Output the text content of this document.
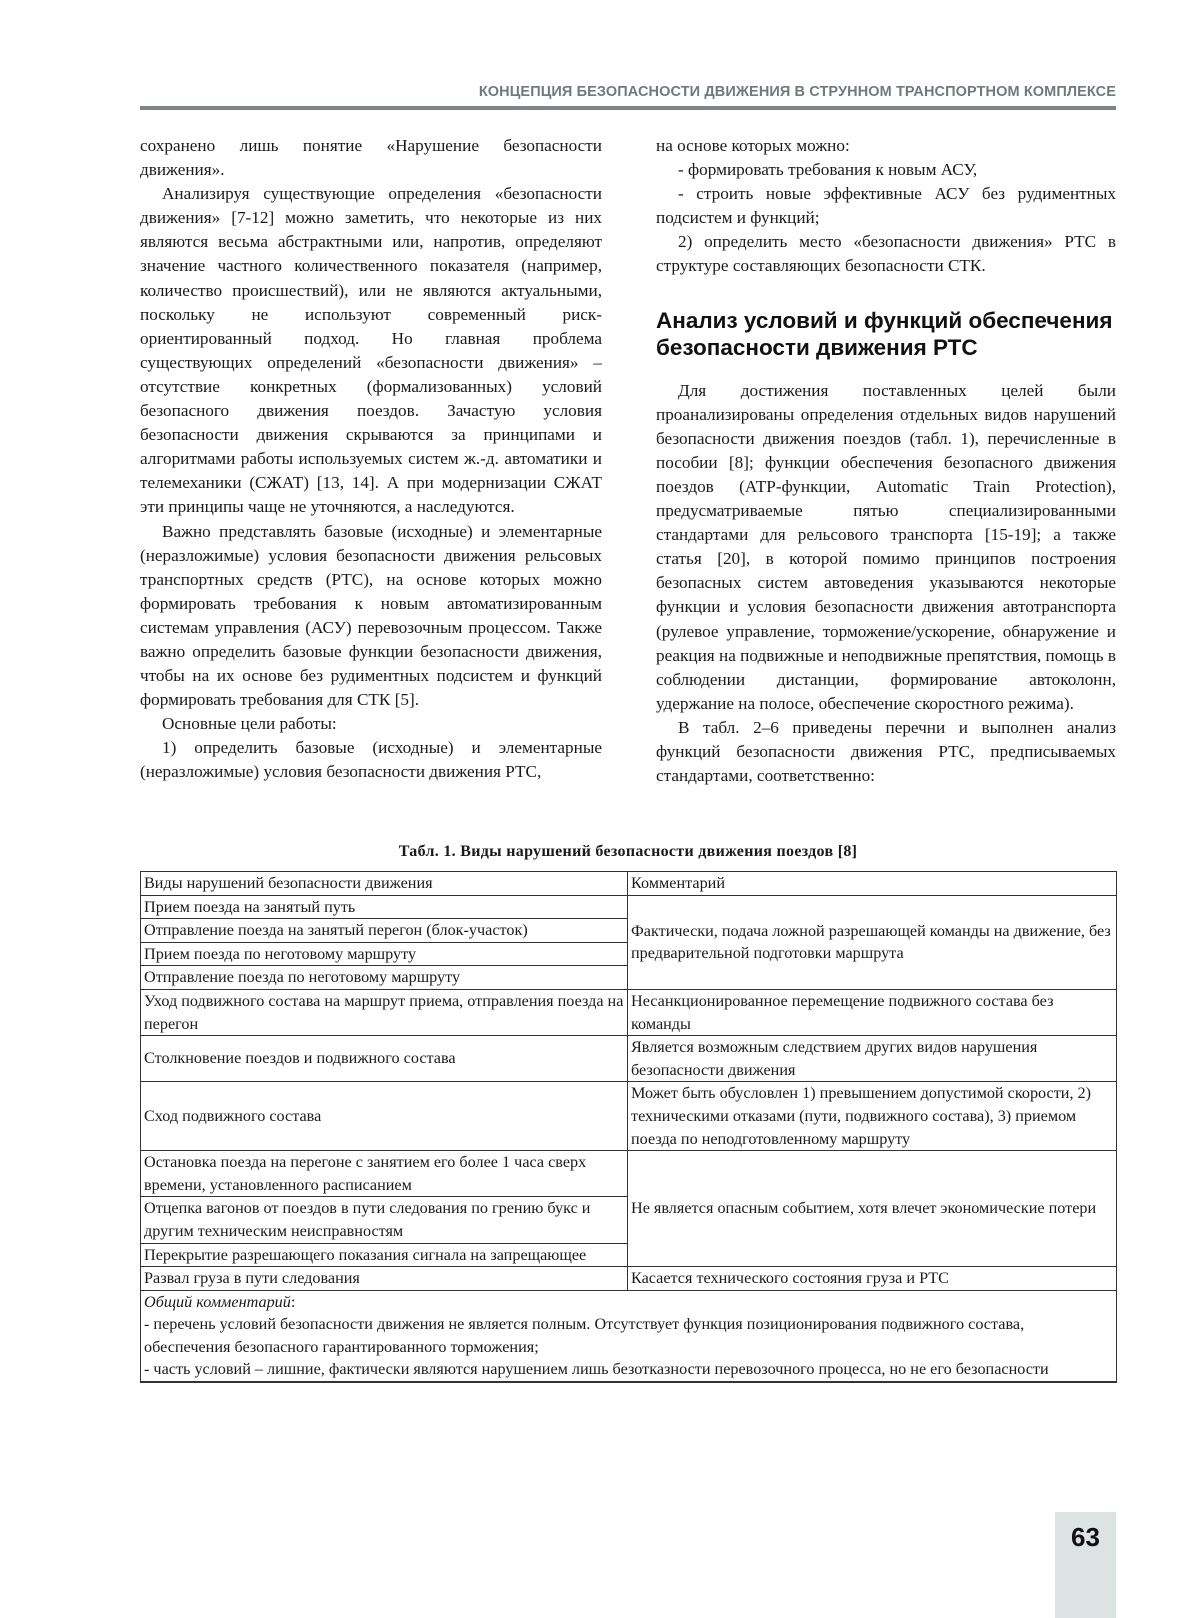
КОНЦЕПЦИЯ БЕЗОПАСНОСТИ ДВИЖЕНИЯ В СТРУННОМ ТРАНСПОРТНОМ КОМПЛЕКСЕ

сохранено лишь понятие «Нарушение безопасности движения».

Анализируя существующие определения «безопасности движения» [7-12] можно заметить, что некоторые из них являются весьма абстрактными или, напротив, определяют значение частного количественного показателя (например, количество происшествий), или не являются актуальными, поскольку не используют современный риск-ориентированный подход. Но главная проблема существующих определений «безопасности движения» – отсутствие конкретных (формализованных) условий безопасного движения поездов. Зачастую условия безопасности движения скрываются за принципами и алгоритмами работы используемых систем ж.-д. автоматики и телемеханики (СЖАТ) [13, 14]. А при модернизации СЖАТ эти принципы чаще не уточняются, а наследуются.

Важно представлять базовые (исходные) и элементарные (неразложимые) условия безопасности движения рельсовых транспортных средств (РТС), на основе которых можно формировать требования к новым автоматизированным системам управления (АСУ) перевозочным процессом. Также важно определить базовые функции безопасности движения, чтобы на их основе без рудиментных подсистем и функций формировать требования для СТК [5].

Основные цели работы:

1) определить базовые (исходные) и элементарные (неразложимые) условия безопасности движения РТС,

на основе которых можно:

- формировать требования к новым АСУ,

- строить новые эффективные АСУ без рудиментных подсистем и функций;

2) определить место «безопасности движения» РТС в структуре составляющих безопасности СТК.

Анализ условий и функций обеспечения безопасности движения РТС

Для достижения поставленных целей были проанализированы определения отдельных видов нарушений безопасности движения поездов (табл. 1), перечисленные в пособии [8]; функции обеспечения безопасного движения поездов (АТР-функции, Automatic Train Protection), предусматриваемые пятью специализированными стандартами для рельсового транспорта [15-19]; а также статья [20], в которой помимо принципов построения безопасных систем автоведения указываются некоторые функции и условия безопасности движения автотранспорта (рулевое управление, торможение/ускорение, обнаружение и реакция на подвижные и неподвижные препятствия, помощь в соблюдении дистанции, формирование автоколонн, удержание на полосе, обеспечение скоростного режима).

В табл. 2–6 приведены перечни и выполнен анализ функций безопасности движения РТС, предписываемых стандартами, соответственно:

Табл. 1. Виды нарушений безопасности движения поездов [8]
Виды нарушений безопасности движения	Комментарий
Прием поезда на занятый путь	Фактически, подача ложной разрешающей команды на движение, без предварительной подготовки маршрута
Отправление поезда на занятый перегон (блок-участок)	
Прием поезда по неготовому маршруту	
Отправление поезда по неготовому маршруту	
Уход подвижного состава на маршрут приема, отправления поезда на перегон	Несанкционированное перемещение подвижного состава без команды
Столкновение поездов и подвижного состава	Является возможным следствием других видов нарушения безопасности движения
Сход подвижного состава	Может быть обусловлен 1) превышением допустимой скорости, 2) техническими отказами (пути, подвижного состава), 3) приемом поезда по неподготовленному маршруту
Остановка поезда на перегоне с занятием его более 1 часа сверх времени, установленного расписанием	Не является опасным событием, хотя влечет экономические потери
Отцепка вагонов от поездов в пути следования по грению букс и другим техническим неисправностям	
Перекрытие разрешающего показания сигнала на запрещающее	
Развал груза в пути следования	Касается технического состояния груза и РТС

Общий комментарий:
- перечень условий безопасности движения не является полным. Отсутствует функция позиционирования подвижного состава, обеспечения безопасного гарантированного торможения;
- часть условий – лишние, фактически являются нарушением лишь безотказности перевозочного процесса, но не его безопасности	
63
